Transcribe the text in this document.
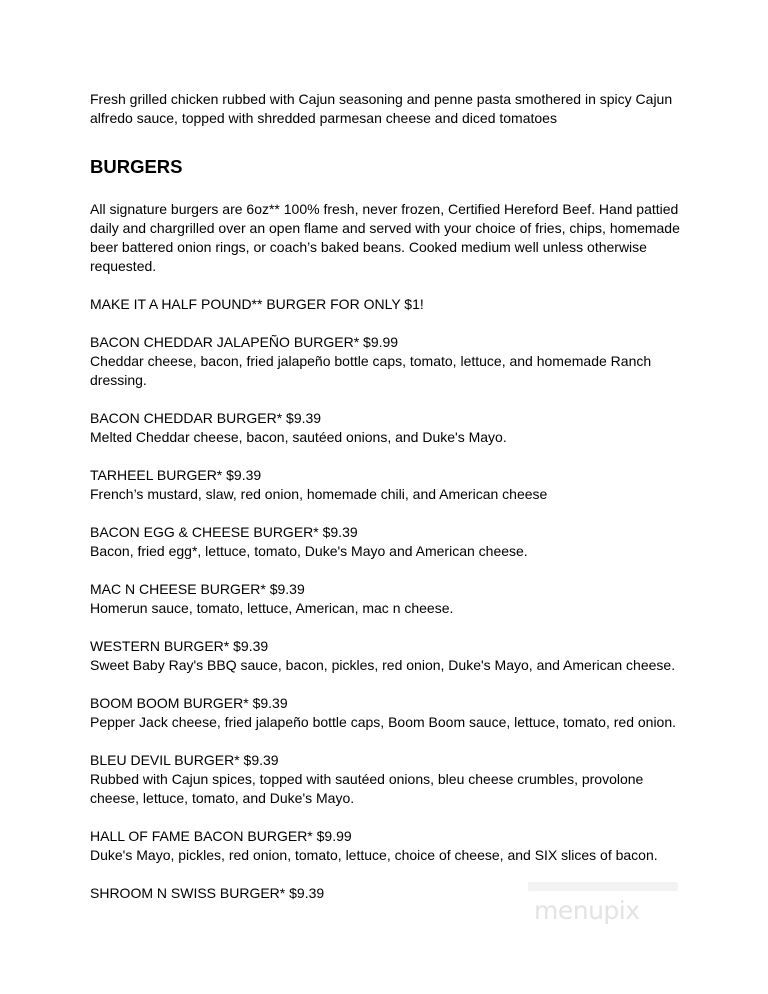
Fresh grilled chicken rubbed with Cajun seasoning and penne pasta smothered in spicy Cajun alfredo sauce, topped with shredded parmesan cheese and diced tomatoes

BURGERS

All signature burgers are 6oz** 100% fresh, never frozen, Certified Hereford Beef. Hand pattied daily and chargrilled over an open flame and served with your choice of fries, chips, homemade beer battered onion rings, or coach’s baked beans. Cooked medium well unless otherwise requested.

MAKE IT A HALF POUND** BURGER FOR ONLY $1!

BACON CHEDDAR JALAPEÑO BURGER* $9.99

Cheddar cheese, bacon, fried jalapeño bottle caps, tomato, lettuce, and homemade Ranch dressing.

BACON CHEDDAR BURGER* $9.39

Melted Cheddar cheese, bacon, sautéed onions, and Duke's Mayo.

TARHEEL BURGER* $9.39

French’s mustard, slaw, red onion, homemade chili, and American cheese

BACON EGG & CHEESE BURGER* $9.39

Bacon, fried egg*, lettuce, tomato, Duke's Mayo and American cheese.

MAC N CHEESE BURGER* $9.39

Homerun sauce, tomato, lettuce, American, mac n cheese.

WESTERN BURGER* $9.39

Sweet Baby Ray's BBQ sauce, bacon, pickles, red onion, Duke's Mayo, and American cheese.

BOOM BOOM BURGER* $9.39

Pepper Jack cheese, fried jalapeño bottle caps, Boom Boom sauce, lettuce, tomato, red onion.

BLEU DEVIL BURGER* $9.39

Rubbed with Cajun spices, topped with sautéed onions, bleu cheese crumbles, provolone cheese, lettuce, tomato, and Duke's Mayo.

HALL OF FAME BACON BURGER* $9.99

Duke's Mayo, pickles, red onion, tomato, lettuce, choice of cheese, and SIX slices of bacon.

SHROOM N SWISS BURGER* $9.39

menupix
